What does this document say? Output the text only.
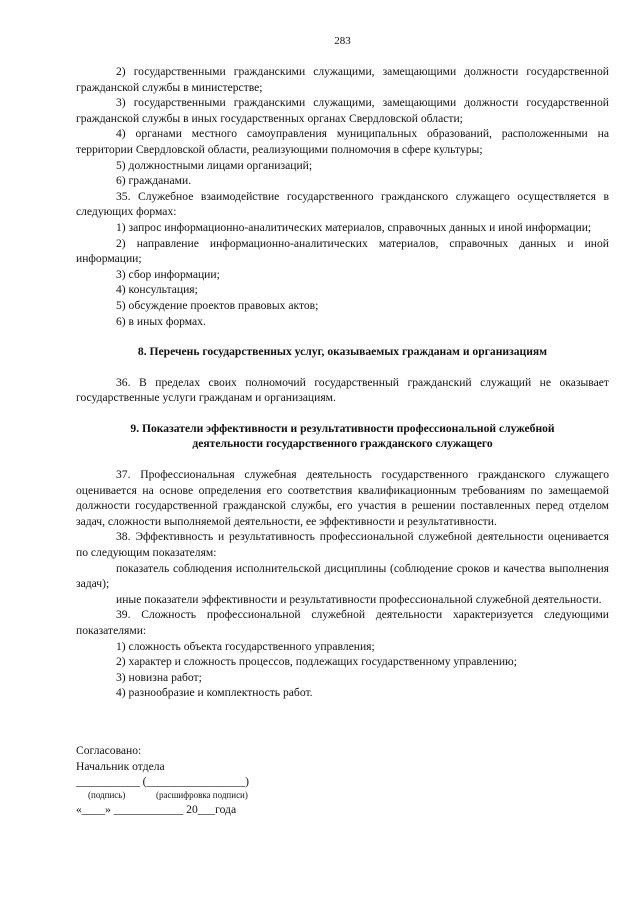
283

2) государственными гражданскими служащими, замещающими должности государственной гражданской службы в министерстве;

3) государственными гражданскими служащими, замещающими должности государственной гражданской службы в иных государственных органах Свердловской области;

4) органами местного самоуправления муниципальных образований, расположенными на территории Свердловской области, реализующими полномочия в сфере культуры;

5) должностными лицами организаций;

6) гражданами.

35. Служебное взаимодействие государственного гражданского служащего осуществляется в следующих формах:

1) запрос информационно-аналитических материалов, справочных данных и иной информации;

2) направление информационно-аналитических материалов, справочных данных и иной информации;

3) сбор информации;

4) консультация;

5) обсуждение проектов правовых актов;

6) в иных формах.

8. Перечень государственных услуг, оказываемых гражданам и организациям

36. В пределах своих полномочий государственный гражданский служащий не оказывает государственные услуги гражданам и организациям.

9. Показатели эффективности и результативности профессиональной служебной
деятельности государственного гражданского служащего

37. Профессиональная служебная деятельность государственного гражданского служащего оценивается на основе определения его соответствия квалификационным требованиям по замещаемой должности государственной гражданской службы, его участия в решении поставленных перед отделом задач, сложности выполняемой деятельности, ее эффективности и результативности.

38. Эффективность и результативность профессиональной служебной деятельности оценивается по следующим показателям:

показатель соблюдения исполнительской дисциплины (соблюдение сроков и качества выполнения задач);

иные показатели эффективности и результативности профессиональной служебной деятельности.

39. Сложность профессиональной служебной деятельности характеризуется следующими показателями:

1) сложность объекта государственного управления;

2) характер и сложность процессов, подлежащих государственному управлению;

3) новизна работ;

4) разнообразие и комплектность работ.

Согласовано:
Начальник отдела
___________ (_________________)
(подпись)	(расшифровка подписи)
«____» ____________ 20___года
